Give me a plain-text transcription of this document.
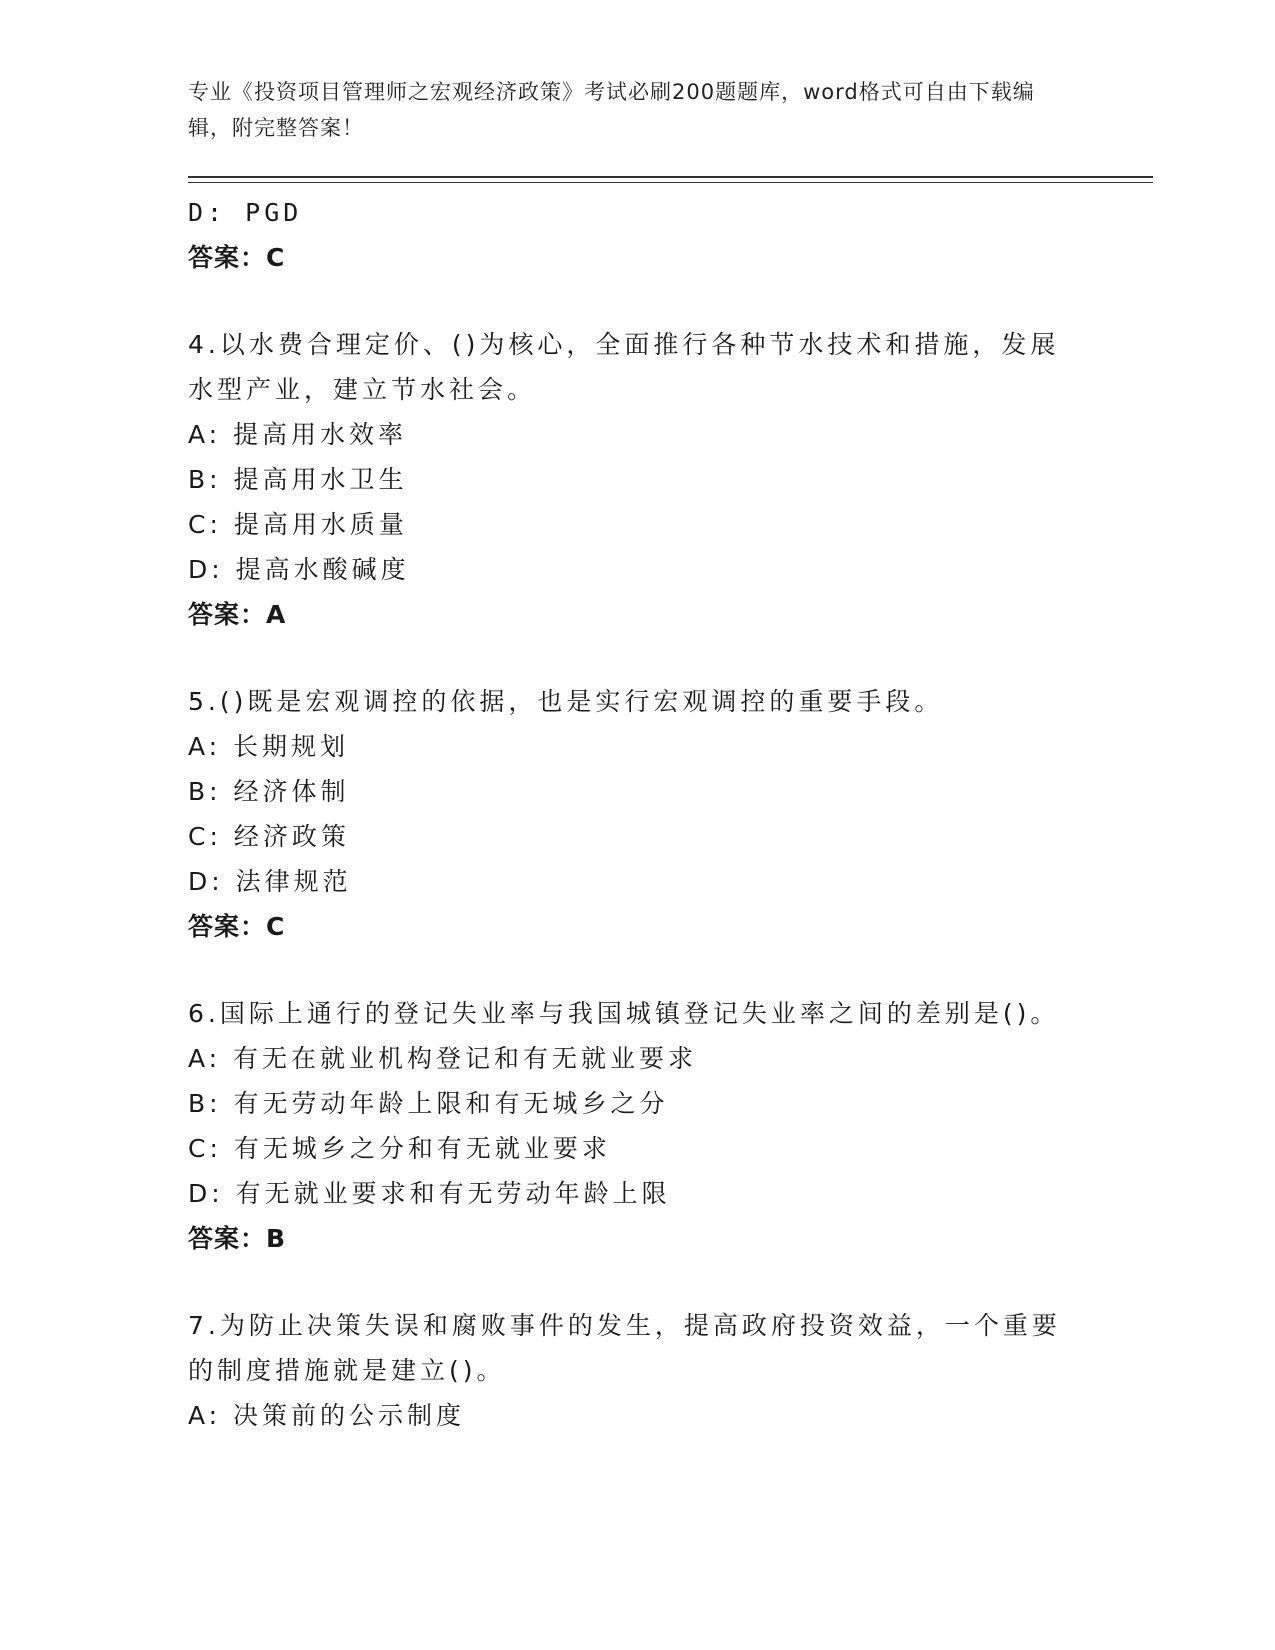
专业《投资项目管理师之宏观经济政策》考试必刷200题题库，word格式可自由下载编辑，附完整答案！
D: PGD
答案：C
4.以水费合理定价、()为核心，全面推行各种节水技术和措施，发展水型产业，建立节水社会。
A: 提高用水效率
B: 提高用水卫生
C: 提高用水质量
D: 提高水酸碱度
答案：A
5.()既是宏观调控的依据，也是实行宏观调控的重要手段。
A: 长期规划
B: 经济体制
C: 经济政策
D: 法律规范
答案：C
6.国际上通行的登记失业率与我国城镇登记失业率之间的差别是()。
A: 有无在就业机构登记和有无就业要求
B: 有无劳动年龄上限和有无城乡之分
C: 有无城乡之分和有无就业要求
D: 有无就业要求和有无劳动年龄上限
答案：B
7.为防止决策失误和腐败事件的发生，提高政府投资效益，一个重要的制度措施就是建立()。
A: 决策前的公示制度
